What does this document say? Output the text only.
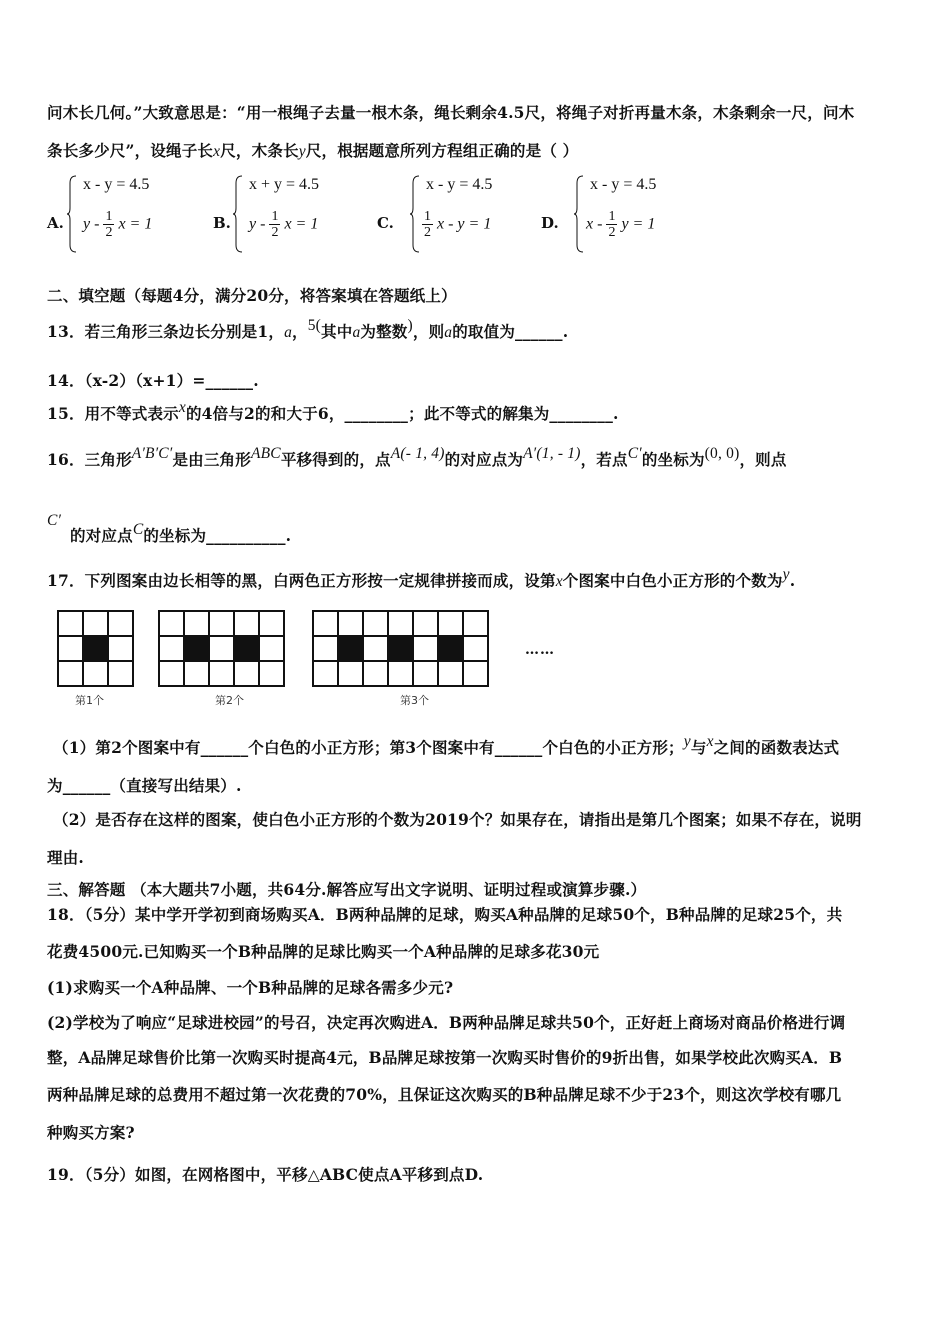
问木长几何。”大致意思是：“用一根绳子去量一根木条，绳长剩余4.5尺，将绳子对折再量木条，木条剩余一尺，问木
条长多少尺”，设绳子长x尺，木条长y尺，根据题意所列方程组正确的是（ ）
A.
x - y = 4.5
y - $\frac{1}{2}$ x = 1	B.
x + y = 4.5
y - $\frac{1}{2}$ x = 1	C.
x - y = 4.5
$\frac{1}{2}$ x - y = 1	D.
x - y = 4.5
x - $\frac{1}{2}$ y = 1
二、填空题（每题4分，满分20分，将答案填在答题纸上）
13．若三角形三条边长分别是1，a，5(其中a为整数)，则a的取值为______.
14．（x-2）（x+1）=______.
15．用不等式表示x的4倍与2的和大于6，________；此不等式的解集为________.
16．三角形A′B′C′是由三角形ABC平移得到的，点A(- 1, 4)的对应点为A′(1, - 1)，若点C′的坐标为(0, 0)，则点
C′
的对应点C的坐标为__________.
17．下列图案由边长相等的黑，白两色正方形按一定规律拼接而成，设第x个图案中白色小正方形的个数为y.
第1个	第2个	第3个
……
（1）第2个图案中有______个白色的小正方形；第3个图案中有______个白色的小正方形；y与x之间的函数表达式
为______（直接写出结果）.
（2）是否存在这样的图案，使白色小正方形的个数为2019个？如果存在，请指出是第几个图案；如果不存在，说明
理由.
三、解答题 （本大题共7小题，共64分.解答应写出文字说明、证明过程或演算步骤.）
18．（5分）某中学开学初到商场购买A．B两种品牌的足球，购买A种品牌的足球50个，B种品牌的足球25个，共
花费4500元.已知购买一个B种品牌的足球比购买一个A种品牌的足球多花30元
(1)求购买一个A种品牌、一个B种品牌的足球各需多少元?
(2)学校为了响应“足球进校园”的号召，决定再次购进A．B两种品牌足球共50个，正好赶上商场对商品价格进行调
整，A品牌足球售价比第一次购买时提高4元，B品牌足球按第一次购买时售价的9折出售，如果学校此次购买A．B
两种品牌足球的总费用不超过第一次花费的70%，且保证这次购买的B种品牌足球不少于23个，则这次学校有哪几
种购买方案?
19．（5分）如图，在网格图中，平移△ABC使点A平移到点D.
